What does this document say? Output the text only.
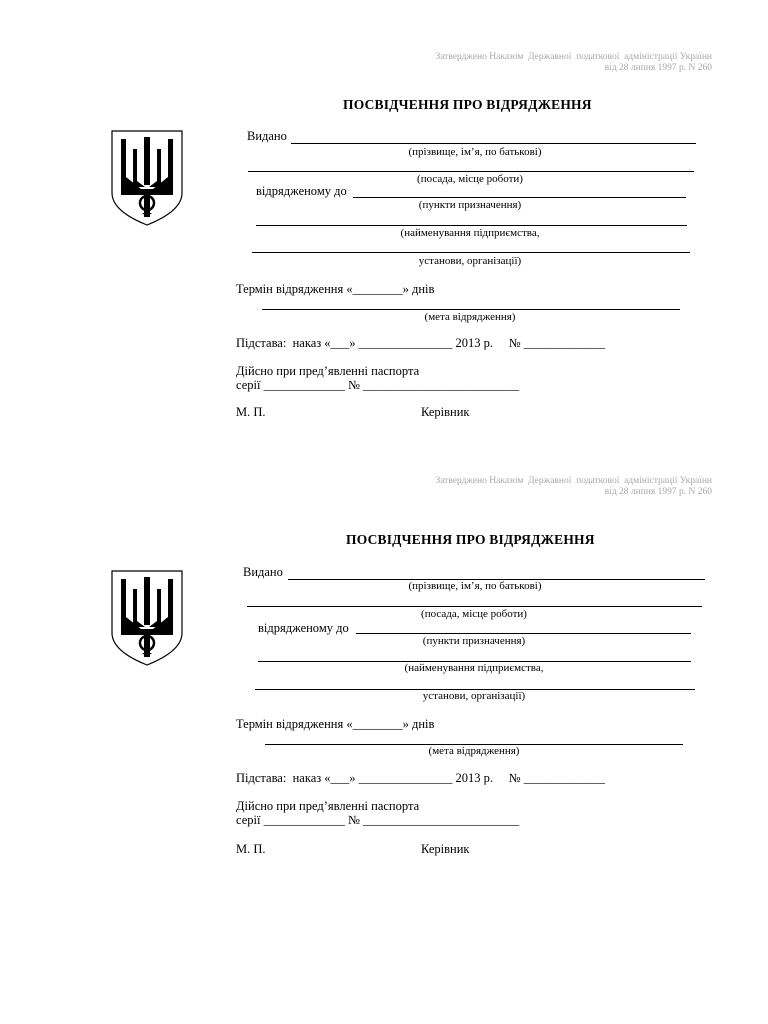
Затверджено Наказом  Державної  податкової  адміністрації України
від 28 липня 1997 р. N 260
ПОСВІДЧЕННЯ ПРО ВІДРЯДЖЕННЯ
Видано
(прізвище, ім’я, по батькові)
(посада, місце роботи)
відрядженому до
(пункти призначення)
(найменування підприємства,
установи, організації)
Термін відрядження «________» днів
(мета відрядження)
Підстава:  наказ «___» _______________ 2013 р.     № _____________
Дійсно при пред’явленні паспорта
серії _____________ № _________________________
М. П.	Керівник
Затверджено Наказом  Державної  податкової  адміністрації України
від 28 липня 1997 р. N 260
ПОСВІДЧЕННЯ ПРО ВІДРЯДЖЕННЯ
Видано
(прізвище, ім’я, по батькові)
(посада, місце роботи)
відрядженому до
(пункти призначення)
(найменування підприємства,
установи, організації)
Термін відрядження «________» днів
(мета відрядження)
Підстава:  наказ «___» _______________ 2013 р.     № _____________
Дійсно при пред’явленні паспорта
серії _____________ № _________________________
М. П.	Керівник
